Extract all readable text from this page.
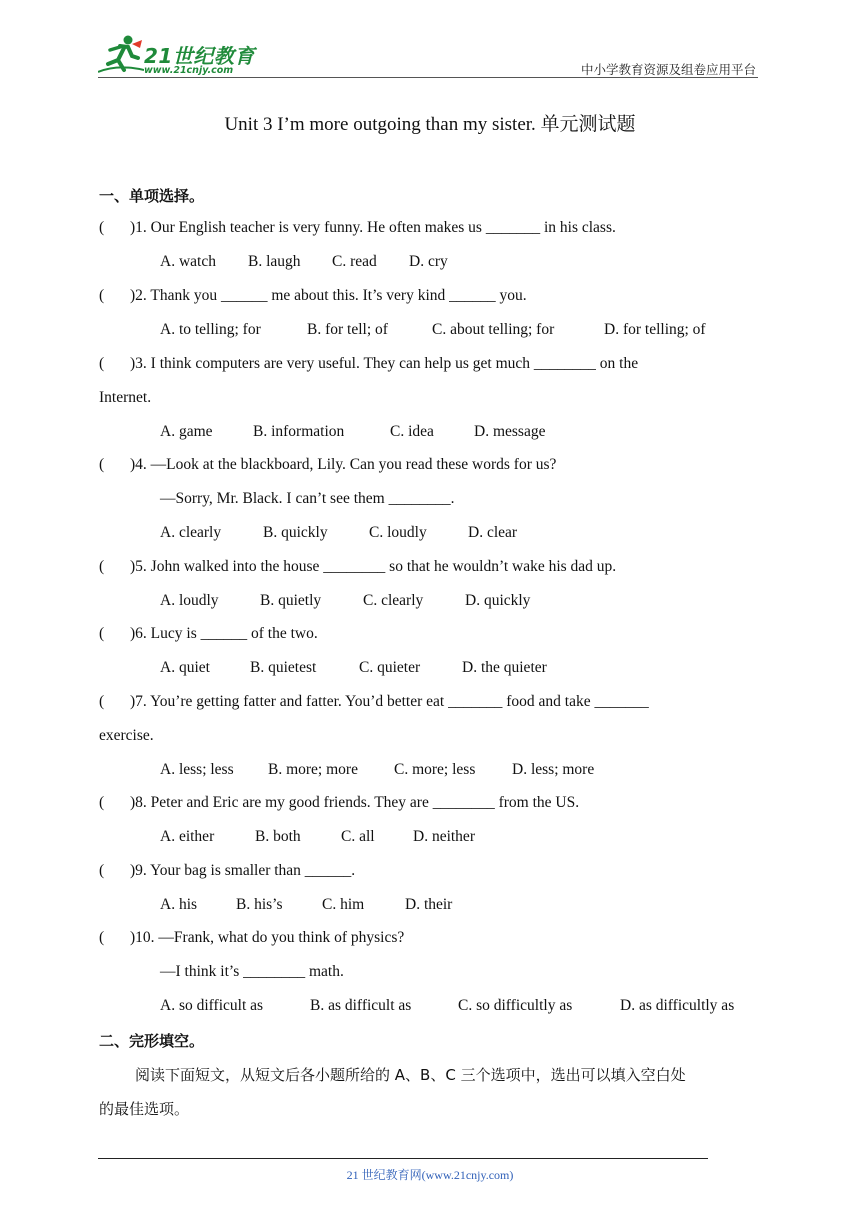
21世纪教育
www.21cnjy.com	中小学教育资源及组卷应用平台
Unit 3 I’m more outgoing than my sister. 单元测试题
一、单项选择。
( )1. Our English teacher is very funny. He often makes us _______ in his class.
A. watch B. laugh C. read D. cry
( )2. Thank you ______ me about this. It’s very kind ______ you.
A. to telling; for	B. for tell; of	C. about telling; for	D. for telling; of
( )3. I think computers are very useful. They can help us get much ________ on the
Internet.
A. game	B. information	C. idea	D. message
( )4. —Look at the blackboard, Lily. Can you read these words for us?
—Sorry, Mr. Black. I can’t see them ________.
A. clearly	B. quickly	C. loudly	D. clear
( )5. John walked into the house ________ so that he wouldn’t wake his dad up.
A. loudly	B. quietly	C. clearly	D. quickly
( )6. Lucy is ______ of the two.
A. quiet	B. quietest	C. quieter	D. the quieter
( )7. You’re getting fatter and fatter. You’d better eat _______ food and take _______
exercise.
A. less; less B. more; more C. more; less D. less; more
( )8. Peter and Eric are my good friends. They are ________ from the US.
A. either	B. both	C. all D. neither
( )9. Your bag is smaller than ______.
A. his	B. his’s	C. him	D. their
( )10. —Frank, what do you think of physics?
—I think it’s ________ math.
A. so difficult as	B. as difficult as	C. so difficultly as	D. as difficultly as
二、完形填空。
阅读下面短文，从短文后各小题所给的 A、B、C 三个选项中，选出可以填入空白处
的最佳选项。
21 世纪教育网(www.21cnjy.com)
